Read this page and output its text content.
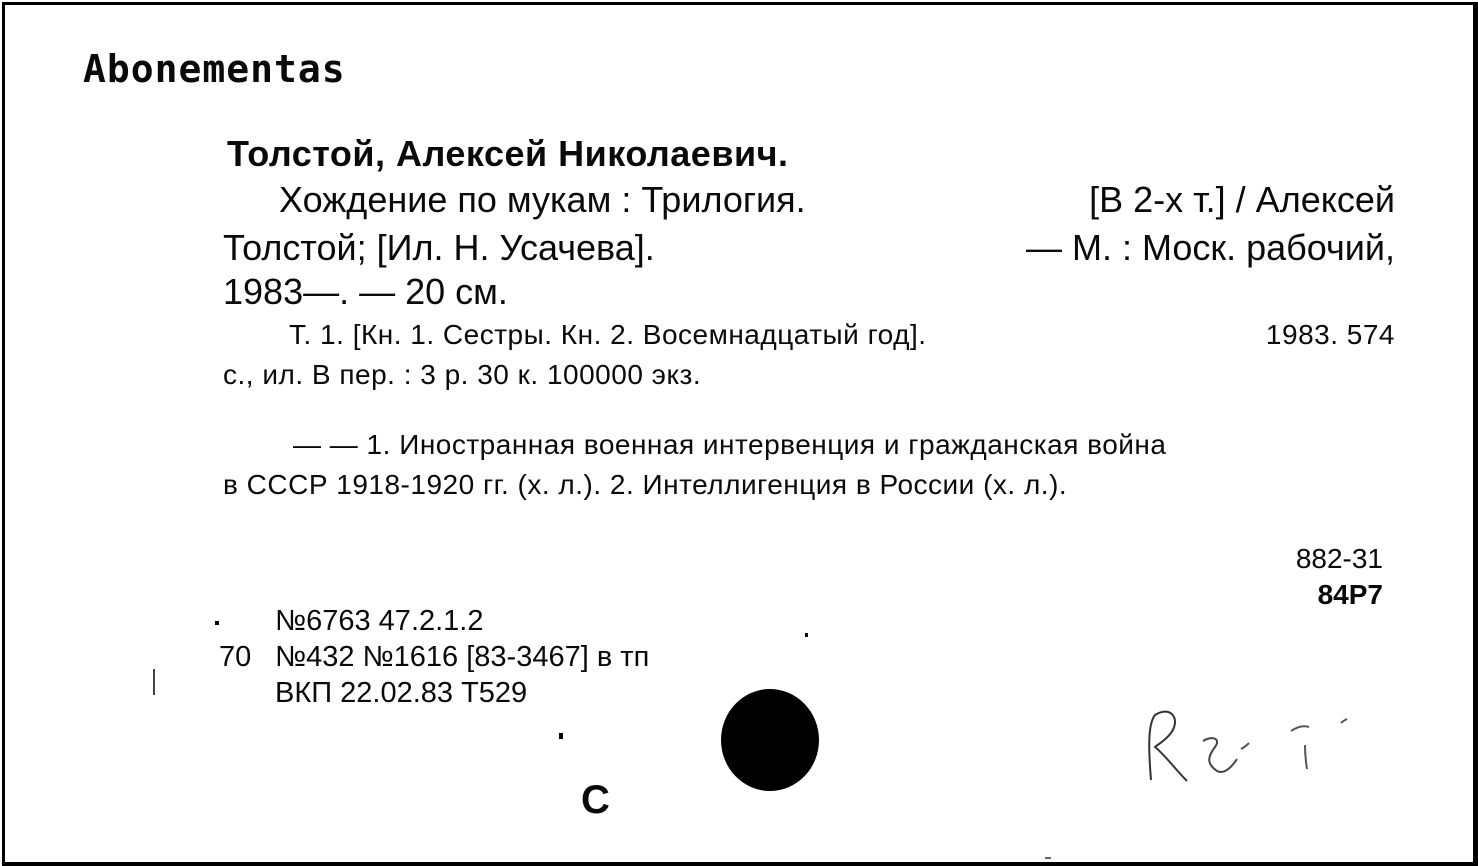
Abonementas
Толстой, Алексей Николаевич.
Хождение по мукам : Трилогия.	[В 2-х т.] / Алексей
Толстой; [Ил. Н. Усачева].	— М. : Моск. рабочий,
1983—. — 20 см.
Т. 1. [Кн. 1. Сестры. Кн. 2. Восемнадцатый год].	1983. 574
с., ил. В пер. : 3 р. 30 к. 100000 экз.
— — 1. Иностранная военная интервенция и гражданская война
в СССР 1918-1920 гг. (х. л.). 2. Интеллигенция в России (х. л.).
882-31
84Р7
№6763 47.2.1.2
70 №432 №1616 [83-3467] в тп
ВКП 22.02.83 Т529
С
